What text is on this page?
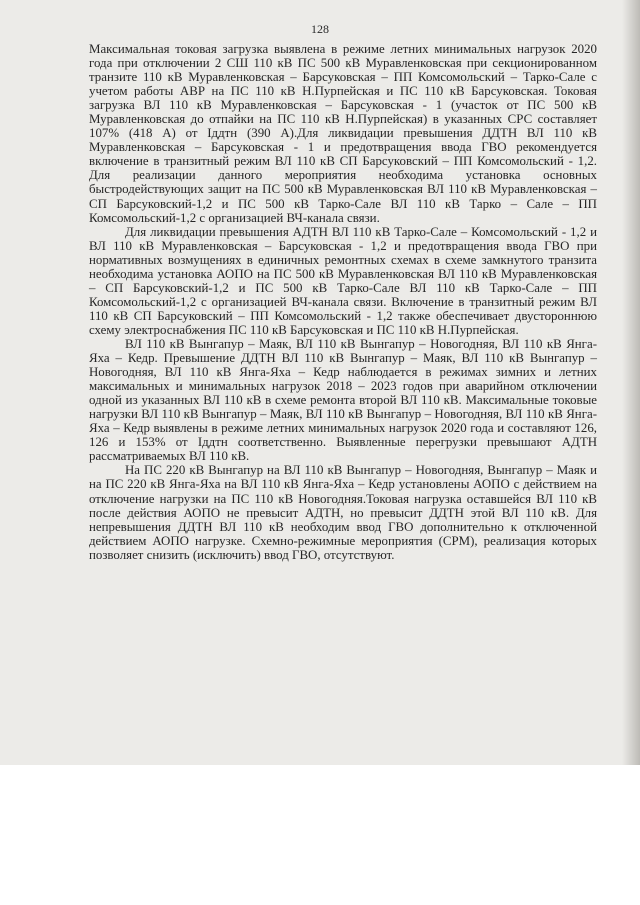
128

Максимальная токовая загрузка выявлена в режиме летних минимальных нагрузок 2020 года при отключении 2 СШ 110 кВ ПС 500 кВ Муравленковская при секционированном транзите 110 кВ Муравленковская – Барсуковская – ПП Комсомольский – Тарко-Сале с учетом работы АВР на ПС 110 кВ Н.Пурпейская и ПС 110 кВ Барсуковская. Токовая загрузка ВЛ 110 кВ Муравленковская – Барсуковская - 1 (участок от ПС 500 кВ Муравленковская до отпайки на ПС 110 кВ Н.Пурпейская) в указанных СРС составляет 107% (418 А) от Iддтн (390 А).Для ликвидации превышения ДДТН ВЛ 110 кВ Муравленковская – Барсуковская - 1 и предотвращения ввода ГВО рекомендуется включение в транзитный режим ВЛ 110 кВ СП Барсуковский – ПП Комсомольский - 1,2. Для реализации данного мероприятия необходима установка основных быстродействующих защит на ПС 500 кВ Муравленковская ВЛ 110 кВ Муравленковская – СП Барсуковский-1,2 и ПС 500 кВ Тарко-Сале ВЛ 110 кВ Тарко – Сале – ПП Комсомольский-1,2 с организацией ВЧ-канала связи.

Для ликвидации превышения АДТН ВЛ 110 кВ Тарко-Сале – Комсомольский - 1,2 и ВЛ 110 кВ Муравленковская – Барсуковская - 1,2 и предотвращения ввода ГВО при нормативных возмущениях в единичных ремонтных схемах в схеме замкнутого транзита необходима установка АОПО на ПС 500 кВ Муравленковская ВЛ 110 кВ Муравленковская – СП Барсуковский-1,2 и ПС 500 кВ Тарко-Сале ВЛ 110 кВ Тарко-Сале – ПП Комсомольский-1,2 с организацией ВЧ-канала связи. Включение в транзитный режим ВЛ 110 кВ СП Барсуковский – ПП Комсомольский - 1,2 также обеспечивает двустороннюю схему электроснабжения ПС 110 кВ Барсуковская и ПС 110 кВ Н.Пурпейская.

ВЛ 110 кВ Вынгапур – Маяк, ВЛ 110 кВ Вынгапур – Новогодняя, ВЛ 110 кВ Янга-Яха – Кедр. Превышение ДДТН ВЛ 110 кВ Вынгапур – Маяк, ВЛ 110 кВ Вынгапур – Новогодняя, ВЛ 110 кВ Янга-Яха – Кедр наблюдается в режимах зимних и летних максимальных и минимальных нагрузок 2018 – 2023 годов при аварийном отключении одной из указанных ВЛ 110 кВ в схеме ремонта второй ВЛ 110 кВ. Максимальные токовые нагрузки ВЛ 110 кВ Вынгапур – Маяк, ВЛ 110 кВ Вынгапур – Новогодняя, ВЛ 110 кВ Янга-Яха – Кедр выявлены в режиме летних минимальных нагрузок 2020 года и составляют 126, 126 и 153% от Iддтн соответственно. Выявленные перегрузки превышают АДТН рассматриваемых ВЛ 110 кВ.

На ПС 220 кВ Вынгапур на ВЛ 110 кВ Вынгапур – Новогодняя, Вынгапур – Маяк и на ПС 220 кВ Янга-Яха на ВЛ 110 кВ Янга-Яха – Кедр установлены АОПО с действием на отключение нагрузки на ПС 110 кВ Новогодняя.Токовая нагрузка оставшейся ВЛ 110 кВ после действия АОПО не превысит АДТН, но превысит ДДТН этой ВЛ 110 кВ. Для непревышения ДДТН ВЛ 110 кВ необходим ввод ГВО дополнительно к отключенной действием АОПО нагрузке. Схемно-режимные мероприятия (СРМ), реализация которых позволяет снизить (исключить) ввод ГВО, отсутствуют.
